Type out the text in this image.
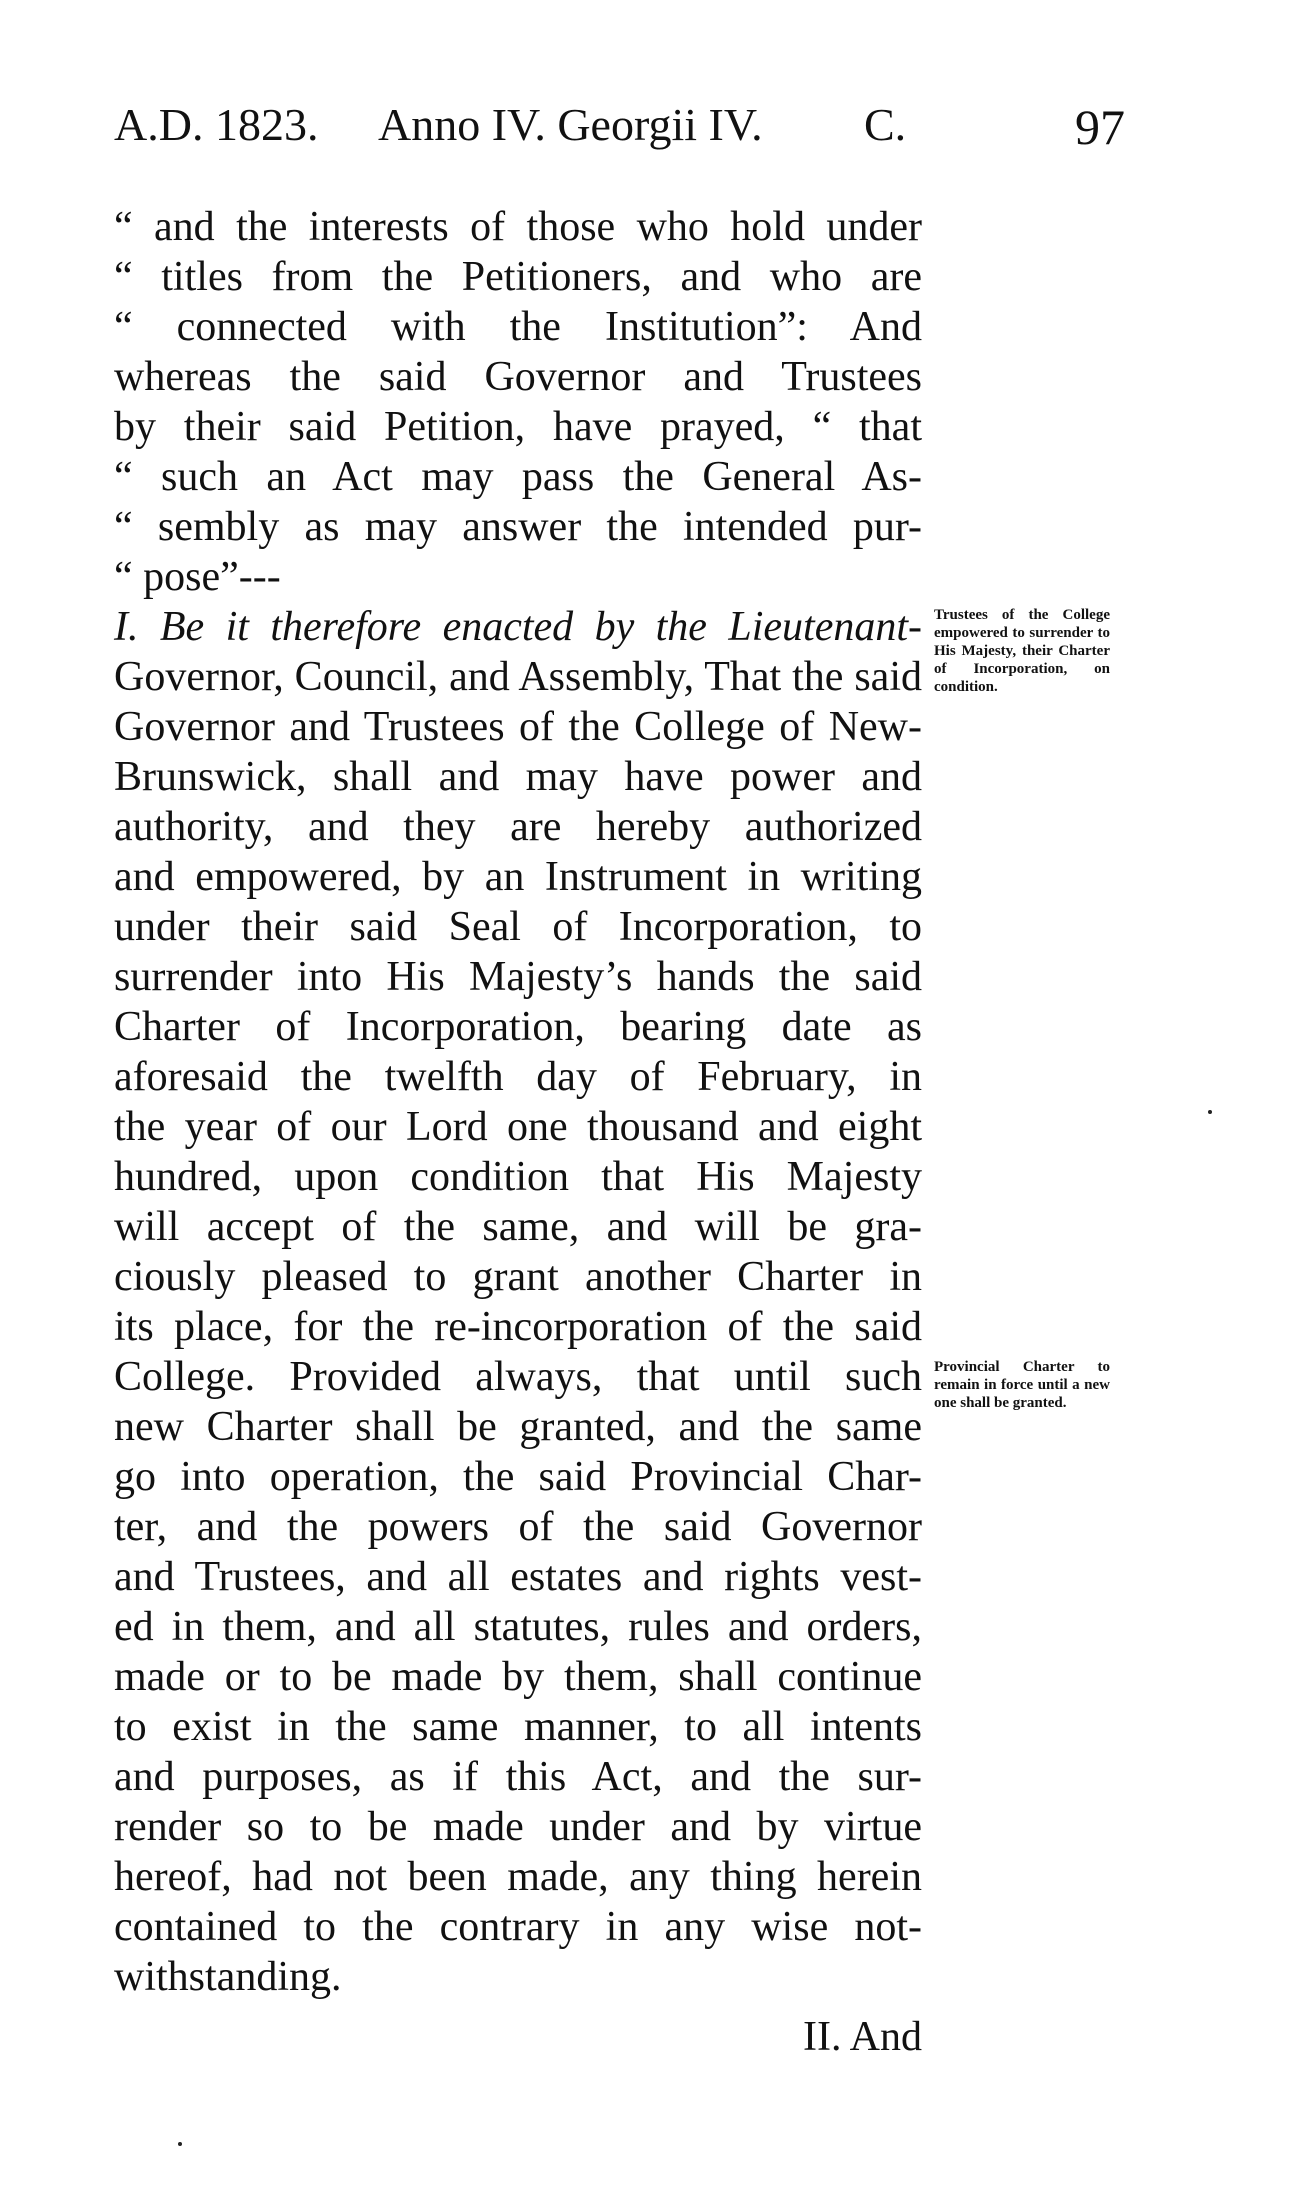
A.D. 1823. Anno IV. Georgii IV. C.	97
“ and the interests of those who hold under
“ titles from the Petitioners, and who are
“ connected with the Institution”: And
whereas the said Governor and Trustees
by their said Petition, have prayed, “ that
“ such an Act may pass the General As-
“ sembly as may answer the intended pur-
“ pose”---
I. Be it therefore enacted by the Lieutenant-
Governor, Council, and Assembly, That the said
Governor and Trustees of the College of New-
Brunswick, shall and may have power and
authority, and they are hereby authorized
and empowered, by an Instrument in writing
under their said Seal of Incorporation, to
surrender into His Majesty’s hands the said
Charter of Incorporation, bearing date as
aforesaid the twelfth day of February, in
the year of our Lord one thousand and eight
hundred, upon condition that His Majesty
will accept of the same, and will be gra-
ciously pleased to grant another Charter in
its place, for the re-incorporation of the said
College. Provided always, that until such
new Charter shall be granted, and the same
go into operation, the said Provincial Char-
ter, and the powers of the said Governor
and Trustees, and all estates and rights vest-
ed in them, and all statutes, rules and orders,
made or to be made by them, shall continue
to exist in the same manner, to all intents
and purposes, as if this Act, and the sur-
render so to be made under and by virtue
hereof, had not been made, any thing herein
contained to the contrary in any wise not-
withstanding.
II. And
Trustees of the College empowered to surrender to His Majesty, their Charter of Incorporation, on condition.
Provincial Charter to remain in force until a new one shall be granted.
